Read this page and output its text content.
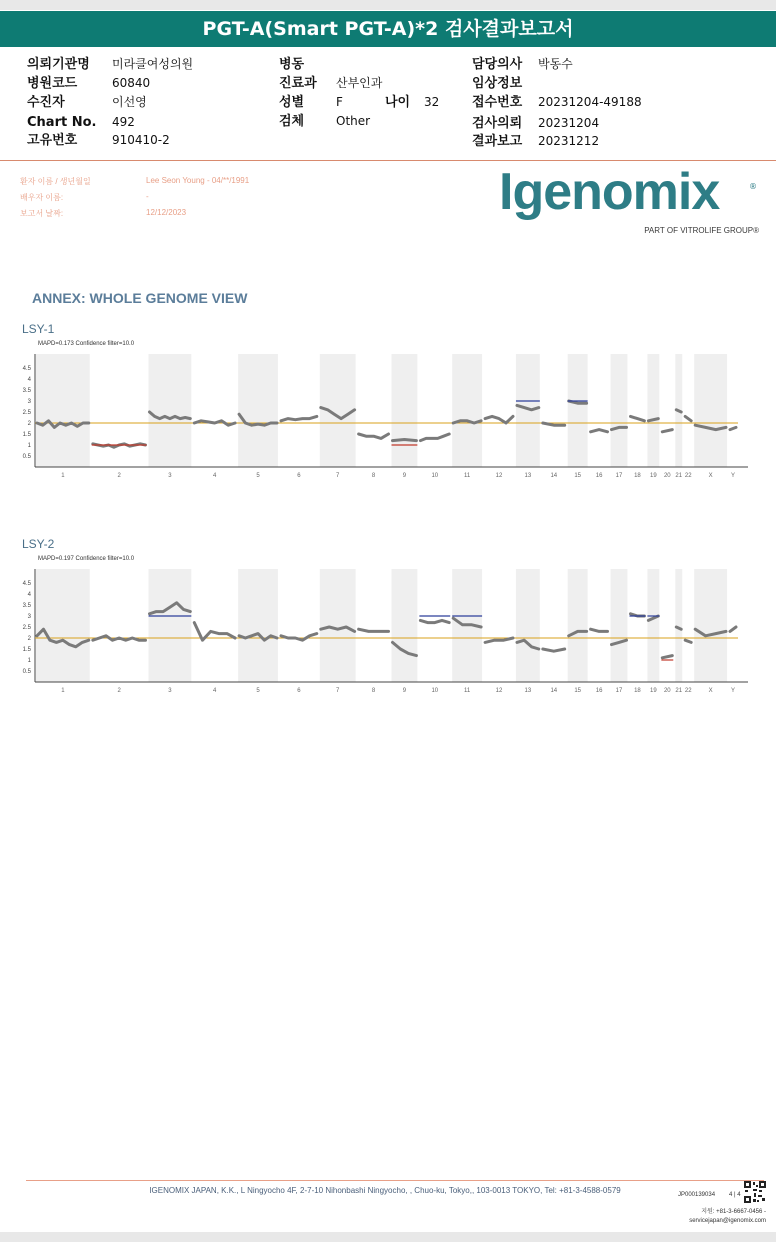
PGT-A(Smart PGT-A)*2 검사결과보고서
의뢰기관명 미라클여성의원
병원코드	60840
수진자	이선영
Chart No. 492
고유번호	910410-2
병동
진료과 산부인과
성별	F	나이 32
검체	Other
담당의사 박동수
임상정보
접수번호 20231204-49188
검사의뢰 20231204
결과보고 20231212
환자 이름 / 생년월일	Lee Seon Young - 04/**/1991
배우자 이름:	-
보고서 날짜:	12/12/2023	Igenomix	®
PART OF VITROLIFE GROUP®
ANNEX: WHOLE GENOME VIEW
LSY-1
MAPD=0.173 Confidence filter=10.0
0.5
1
1.5
2
2.5
3
3.5
4
4.5
1	2	3	4	5	6	7	8	9	10	11	12	13	14	15 16 17 18 19 20 21 22	X	Y
LSY-2
MAPD=0.197 Confidence filter=10.0
0.5
1
1.5
2
2.5
3
3.5
4
4.5
1	2	3	4	5	6	7	8	9	10	11	12	13	14	15 16 17 18 19 20 21 22	X	Y
IGENOMIX JAPAN, K.K., L Ningyocho 4F, 2-7-10 Nihonbashi Ningyocho, , Chuo-ku, Tokyo,, 103-0013 TOKYO, Tel: +81-3-4588-0579	JP000139034 4 | 4
지원: +81-3-6667-0456 -
servicejapan@igenomix.com
